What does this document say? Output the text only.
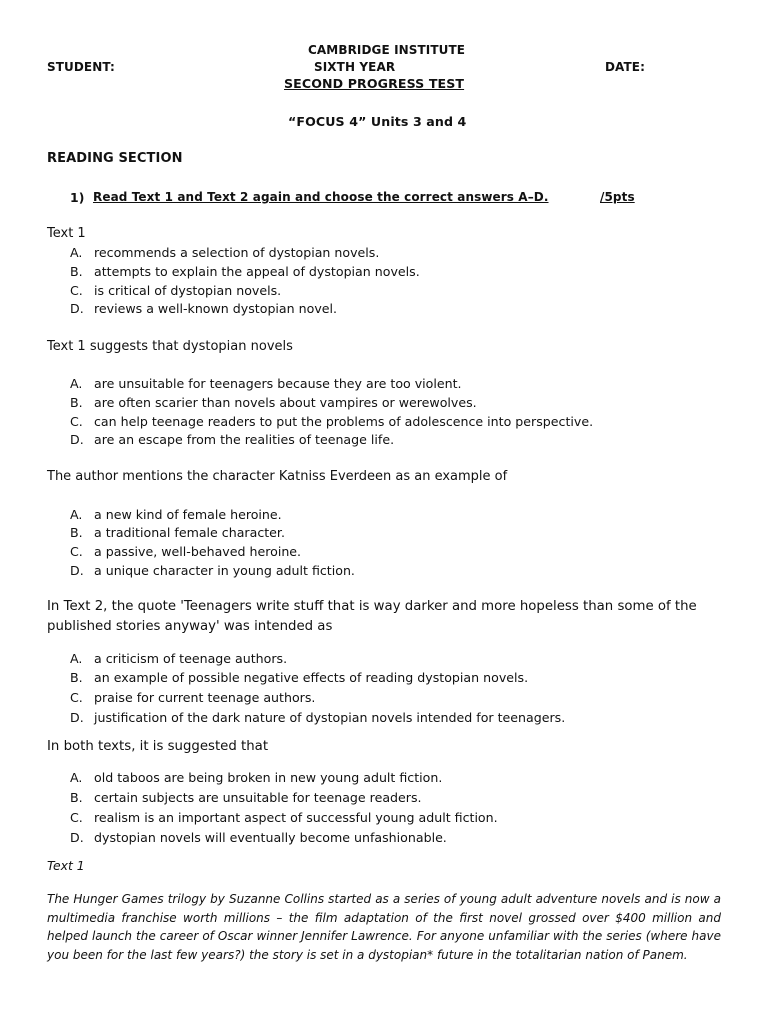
CAMBRIDGE INSTITUTE
STUDENT:	SIXTH YEAR	DATE:
SECOND PROGRESS TEST
“FOCUS 4” Units 3 and 4
READING SECTION
1) Read Text 1 and Text 2 again and choose the correct answers A–D.	/5pts
Text 1
A. recommends a selection of dystopian novels.
B. attempts to explain the appeal of dystopian novels.
C. is critical of dystopian novels.
D. reviews a well-known dystopian novel.
Text 1 suggests that dystopian novels
A. are unsuitable for teenagers because they are too violent.
B. are often scarier than novels about vampires or werewolves.
C. can help teenage readers to put the problems of adolescence into perspective.
D. are an escape from the realities of teenage life.
The author mentions the character Katniss Everdeen as an example of
A. a new kind of female heroine.
B. a traditional female character.
C. a passive, well-behaved heroine.
D. a unique character in young adult fiction.
In Text 2, the quote 'Teenagers write stuff that is way darker and more hopeless than some of the
published stories anyway' was intended as
A. a criticism of teenage authors.
B. an example of possible negative effects of reading dystopian novels.
C. praise for current teenage authors.
D. justification of the dark nature of dystopian novels intended for teenagers.
In both texts, it is suggested that
A. old taboos are being broken in new young adult fiction.
B. certain subjects are unsuitable for teenage readers.
C. realism is an important aspect of successful young adult fiction.
D. dystopian novels will eventually become unfashionable.
Text 1
The Hunger Games trilogy by Suzanne Collins started as a series of young adult adventure novels and is now a multimedia franchise worth millions – the film adaptation of the first novel grossed over $400 million and helped launch the career of Oscar winner Jennifer Lawrence. For anyone unfamiliar with the series (where have you been for the last few years?) the story is set in a dystopian* future in the totalitarian nation of Panem.
